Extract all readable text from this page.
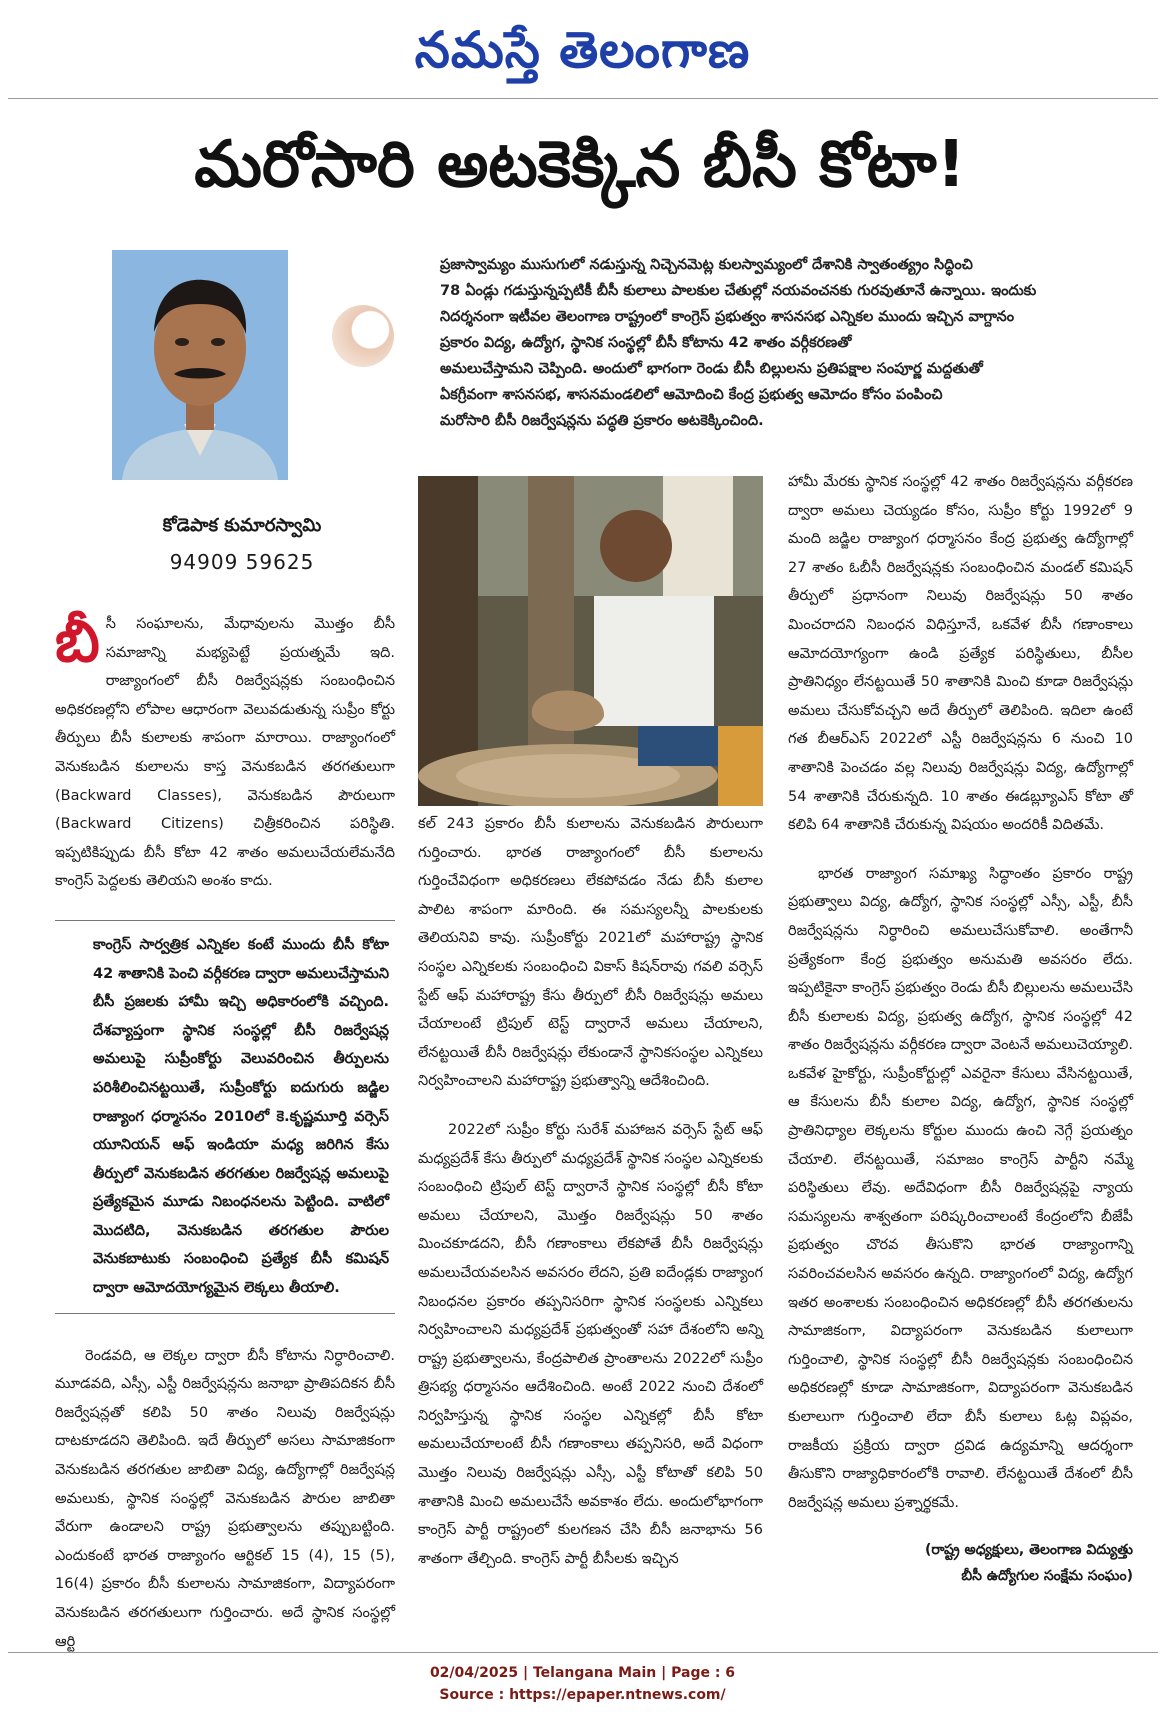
నమస్తే తెలంగాణ
మరోసారి అటకెక్కిన బీసీ కోటా!
కోడెపాక కుమారస్వామి
94909 59625

ప్రజాస్వామ్యం ముసుగులో నడుస్తున్న నిచ్చెనమెట్ల కులస్వామ్యంలో దేశానికి స్వాతంత్య్రం సిద్ధించి

78 ఏండ్లు గడుస్తున్నప్పటికీ బీసీ కులాలు పాలకుల చేతుల్లో నయవంచనకు గురవుతూనే ఉన్నాయి. ఇందుకు

నిదర్శనంగా ఇటీవల తెలంగాణ రాష్ట్రంలో కాంగ్రెస్ ప్రభుత్వం శాసనసభ ఎన్నికల ముందు ఇచ్చిన వాగ్దానం

ప్రకారం విద్య, ఉద్యోగ, స్థానిక సంస్థల్లో బీసీ కోటాను 42 శాతం వర్గీకరణతో

అమలుచేస్తామని చెప్పింది. అందులో భాగంగా రెండు బీసీ బిల్లులను ప్రతిపక్షాల సంపూర్ణ మద్దతుతో

ఏకగ్రీవంగా శాసనసభ, శాసనమండలిలో ఆమోదించి కేంద్ర ప్రభుత్వ ఆమోదం కోసం పంపించి

మరోసారి బీసీ రిజర్వేషన్లను పద్ధతి ప్రకారం అటకెక్కించింది.

బీసీ సంఘాలను, మేధావులను మొత్తం బీసీ సమాజాన్ని మభ్యపెట్టే ప్రయత్నమే ఇది. రాజ్యాంగంలో బీసీ రిజర్వేషన్లకు సంబంధించిన అధికరణల్లోని లోపాల ఆధారంగా వెలువడుతున్న సుప్రీం కోర్టు తీర్పులు బీసీ కులాలకు శాపంగా మారాయి. రాజ్యాంగంలో వెనుకబడిన కులాలను కాస్త వెనుకబడిన తరగతులుగా (Backward Classes), వెనుకబడిన పౌరులుగా (Backward Citizens) చిత్రీకరించిన పరిస్థితి. ఇప్పటికిప్పుడు బీసీ కోటా 42 శాతం అమలుచేయలేమనేది కాంగ్రెస్ పెద్దలకు తెలియని అంశం కాదు.

కాంగ్రెస్ సార్వత్రిక ఎన్నికల కంటే ముందు బీసీ కోటా 42 శాతానికి పెంచి వర్గీకరణ ద్వారా అమలుచేస్తామని బీసీ ప్రజలకు హామీ ఇచ్చి అధికారంలోకి వచ్చింది. దేశవ్యాప్తంగా స్థానిక సంస్థల్లో బీసీ రిజర్వేషన్ల అమలుపై సుప్రీంకోర్టు వెలువరించిన తీర్పులను పరిశీలించినట్టయితే, సుప్రీంకోర్టు ఐదుగురు జడ్జిల రాజ్యాంగ ధర్మాసనం 2010లో కె.కృష్ణమూర్తి వర్సెస్ యూనియన్ ఆఫ్ ఇండియా మధ్య జరిగిన కేసు తీర్పులో వెనుకబడిన తరగతుల రిజర్వేషన్ల అమలుపై ప్రత్యేకమైన మూడు నిబంధనలను పెట్టింది. వాటిలో మొదటిది, వెనుకబడిన తరగతుల పౌరుల వెనుకబాటుకు సంబంధించి ప్రత్యేక బీసీ కమిషన్ ద్వారా ఆమోదయోగ్యమైన లెక్కలు తీయాలి.

రెండవది, ఆ లెక్కల ద్వారా బీసీ కోటాను నిర్ధారించాలి. మూడవది, ఎస్సీ, ఎస్టీ రిజర్వేషన్లను జనాభా ప్రాతిపదికన బీసీ రిజర్వేషన్లతో కలిపి 50 శాతం నిలువు రిజర్వేషన్లు దాటకూడదని తెలిపింది. ఇదే తీర్పులో అసలు సామాజికంగా వెనుకబడిన తరగతుల జాబితా విద్య, ఉద్యోగాల్లో రిజర్వేషన్ల అమలుకు, స్థానిక సంస్థల్లో వెనుకబడిన పౌరుల జాబితా వేరుగా ఉండాలని రాష్ట్ర ప్రభుత్వాలను తప్పుబట్టింది. ఎందుకంటే భారత రాజ్యాంగం ఆర్టికల్ 15 (4), 15 (5), 16(4) ప్రకారం బీసీ కులాలను సామాజికంగా, విద్యాపరంగా వెనుకబడిన తరగతులుగా గుర్తించారు. అదే స్థానిక సంస్థల్లో ఆర్టి

కల్ 243 ప్రకారం బీసీ కులాలను వెనుకబడిన పౌరులుగా గుర్తించారు. భారత రాజ్యాంగంలో బీసీ కులాలను గుర్తించేవిధంగా అధికరణలు లేకపోవడం నేడు బీసీ కులాల పాలిట శాపంగా మారింది. ఈ సమస్యలన్నీ పాలకులకు తెలియనివి కావు. సుప్రీంకోర్టు 2021లో మహారాష్ట్ర స్థానిక సంస్థల ఎన్నికలకు సంబంధించి వికాస్ కిషన్‌రావు గవలి వర్సెస్ స్టేట్ ఆఫ్ మహారాష్ట్ర కేసు తీర్పులో బీసీ రిజర్వేషన్లు అమలు చేయాలంటే ట్రిపుల్ టెస్ట్ ద్వారానే అమలు చేయాలని, లేనట్టయితే బీసీ రిజర్వేషన్లు లేకుండానే స్థానికసంస్థల ఎన్నికలు నిర్వహించాలని మహారాష్ట్ర ప్రభుత్వాన్ని ఆదేశించింది.

2022లో సుప్రీం కోర్టు సురేశ్ మహాజన వర్సెస్ స్టేట్ ఆఫ్ మధ్యప్రదేశ్ కేసు తీర్పులో మధ్యప్రదేశ్ స్థానిక సంస్థల ఎన్నికలకు సంబంధించి ట్రిపుల్ టెస్ట్ ద్వారానే స్థానిక సంస్థల్లో బీసీ కోటా అమలు చేయాలని, మొత్తం రిజర్వేషన్లు 50 శాతం మించకూడదని, బీసీ గణాంకాలు లేకపోతే బీసీ రిజర్వేషన్లు అమలుచేయవలసిన అవసరం లేదని, ప్రతి ఐదేండ్లకు రాజ్యాంగ నిబంధనల ప్రకారం తప్పనిసరిగా స్థానిక సంస్థలకు ఎన్నికలు నిర్వహించాలని మధ్యప్రదేశ్ ప్రభుత్వంతో సహా దేశంలోని అన్ని రాష్ట్ర ప్రభుత్వాలను, కేంద్రపాలిత ప్రాంతాలను 2022లో సుప్రీం త్రిసభ్య ధర్మాసనం ఆదేశించింది. అంటే 2022 నుంచి దేశంలో నిర్వహిస్తున్న స్థానిక సంస్థల ఎన్నికల్లో బీసీ కోటా అమలుచేయాలంటే బీసీ గణాంకాలు తప్పనిసరి, అదే విధంగా మొత్తం నిలువు రిజర్వేషన్లు ఎస్సీ, ఎస్టీ కోటాతో కలిపి 50 శాతానికి మించి అమలుచేసే అవకాశం లేదు. అందులోభాగంగా కాంగ్రెస్ పార్టీ రాష్ట్రంలో కులగణన చేసి బీసీ జనాభాను 56 శాతంగా తేల్చింది. కాంగ్రెస్ పార్టీ బీసీలకు ఇచ్చిన

హామీ మేరకు స్థానిక సంస్థల్లో 42 శాతం రిజర్వేషన్లను వర్గీకరణ ద్వారా అమలు చెయ్యడం కోసం, సుప్రీం కోర్టు 1992లో 9 మంది జడ్జిల రాజ్యాంగ ధర్మాసనం కేంద్ర ప్రభుత్వ ఉద్యోగాల్లో 27 శాతం ఓబీసీ రిజర్వేషన్లకు సంబంధించిన మండల్ కమిషన్ తీర్పులో ప్రధానంగా నిలువు రిజర్వేషన్లు 50 శాతం మించరాదని నిబంధన విధిస్తూనే, ఒకవేళ బీసీ గణాంకాలు ఆమోదయోగ్యంగా ఉండి ప్రత్యేక పరిస్థితులు, బీసీల ప్రాతినిధ్యం లేనట్టయితే 50 శాతానికి మించి కూడా రిజర్వేషన్లు అమలు చేసుకోవచ్చని అదే తీర్పులో తెలిపింది. ఇదిలా ఉంటే గత బీఆర్‌ఎస్ 2022లో ఎస్టీ రిజర్వేషన్లను 6 నుంచి 10 శాతానికి పెంచడం వల్ల నిలువు రిజర్వేషన్లు విద్య, ఉద్యోగాల్లో 54 శాతానికి చేరుకున్నది. 10 శాతం ఈడబ్ల్యూఎస్ కోటా తో కలిపి 64 శాతానికి చేరుకున్న విషయం అందరికీ విదితమే.

భారత రాజ్యాంగ సమాఖ్య సిద్ధాంతం ప్రకారం రాష్ట్ర ప్రభుత్వాలు విద్య, ఉద్యోగ, స్థానిక సంస్థల్లో ఎస్సీ, ఎస్టీ, బీసీ రిజర్వేషన్లను నిర్ధారించి అమలుచేసుకోవాలి. అంతేగానీ ప్రత్యేకంగా కేంద్ర ప్రభుత్వం అనుమతి అవసరం లేదు. ఇప్పటికైనా కాంగ్రెస్ ప్రభుత్వం రెండు బీసీ బిల్లులను అమలుచేసి బీసీ కులాలకు విద్య, ప్రభుత్వ ఉద్యోగ, స్థానిక సంస్థల్లో 42 శాతం రిజర్వేషన్లను వర్గీకరణ ద్వారా వెంటనే అమలుచెయ్యాలి. ఒకవేళ హైకోర్టు, సుప్రీంకోర్టుల్లో ఎవరైనా కేసులు వేసినట్టయితే, ఆ కేసులను బీసీ కులాల విద్య, ఉద్యోగ, స్థానిక సంస్థల్లో ప్రాతినిధ్యాల లెక్కలను కోర్టుల ముందు ఉంచి నెగ్గే ప్రయత్నం చేయాలి. లేనట్టయితే, సమాజం కాంగ్రెస్ పార్టీని నమ్మే పరిస్థితులు లేవు. అదేవిధంగా బీసీ రిజర్వేషన్లపై న్యాయ సమస్యలను శాశ్వతంగా పరిష్కరించాలంటే కేంద్రంలోని బీజేపీ ప్రభుత్వం చొరవ తీసుకొని భారత రాజ్యాంగాన్ని సవరించవలసిన అవసరం ఉన్నది. రాజ్యాంగంలో విద్య, ఉద్యోగ ఇతర అంశాలకు సంబంధించిన అధికరణల్లో బీసీ తరగతులను సామాజికంగా, విద్యాపరంగా వెనుకబడిన కులాలుగా గుర్తించాలి, స్థానిక సంస్థల్లో బీసీ రిజర్వేషన్లకు సంబంధించిన అధికరణల్లో కూడా సామాజికంగా, విద్యాపరంగా వెనుకబడిన కులాలుగా గుర్తించాలి లేదా బీసీ కులాలు ఓట్ల విప్లవం, రాజకీయ ప్రక్రియ ద్వారా ద్రవిడ ఉద్యమాన్ని ఆదర్శంగా తీసుకొని రాజ్యాధికారంలోకి రావాలి. లేనట్టయితే దేశంలో బీసీ రిజర్వేషన్ల అమలు ప్రశ్నార్థకమే.

(రాష్ట్ర అధ్యక్షులు, తెలంగాణ విద్యుత్తు
బీసీ ఉద్యోగుల సంక్షేమ సంఘం)
02/04/2025 | Telangana Main | Page : 6
Source : https://epaper.ntnews.com/
